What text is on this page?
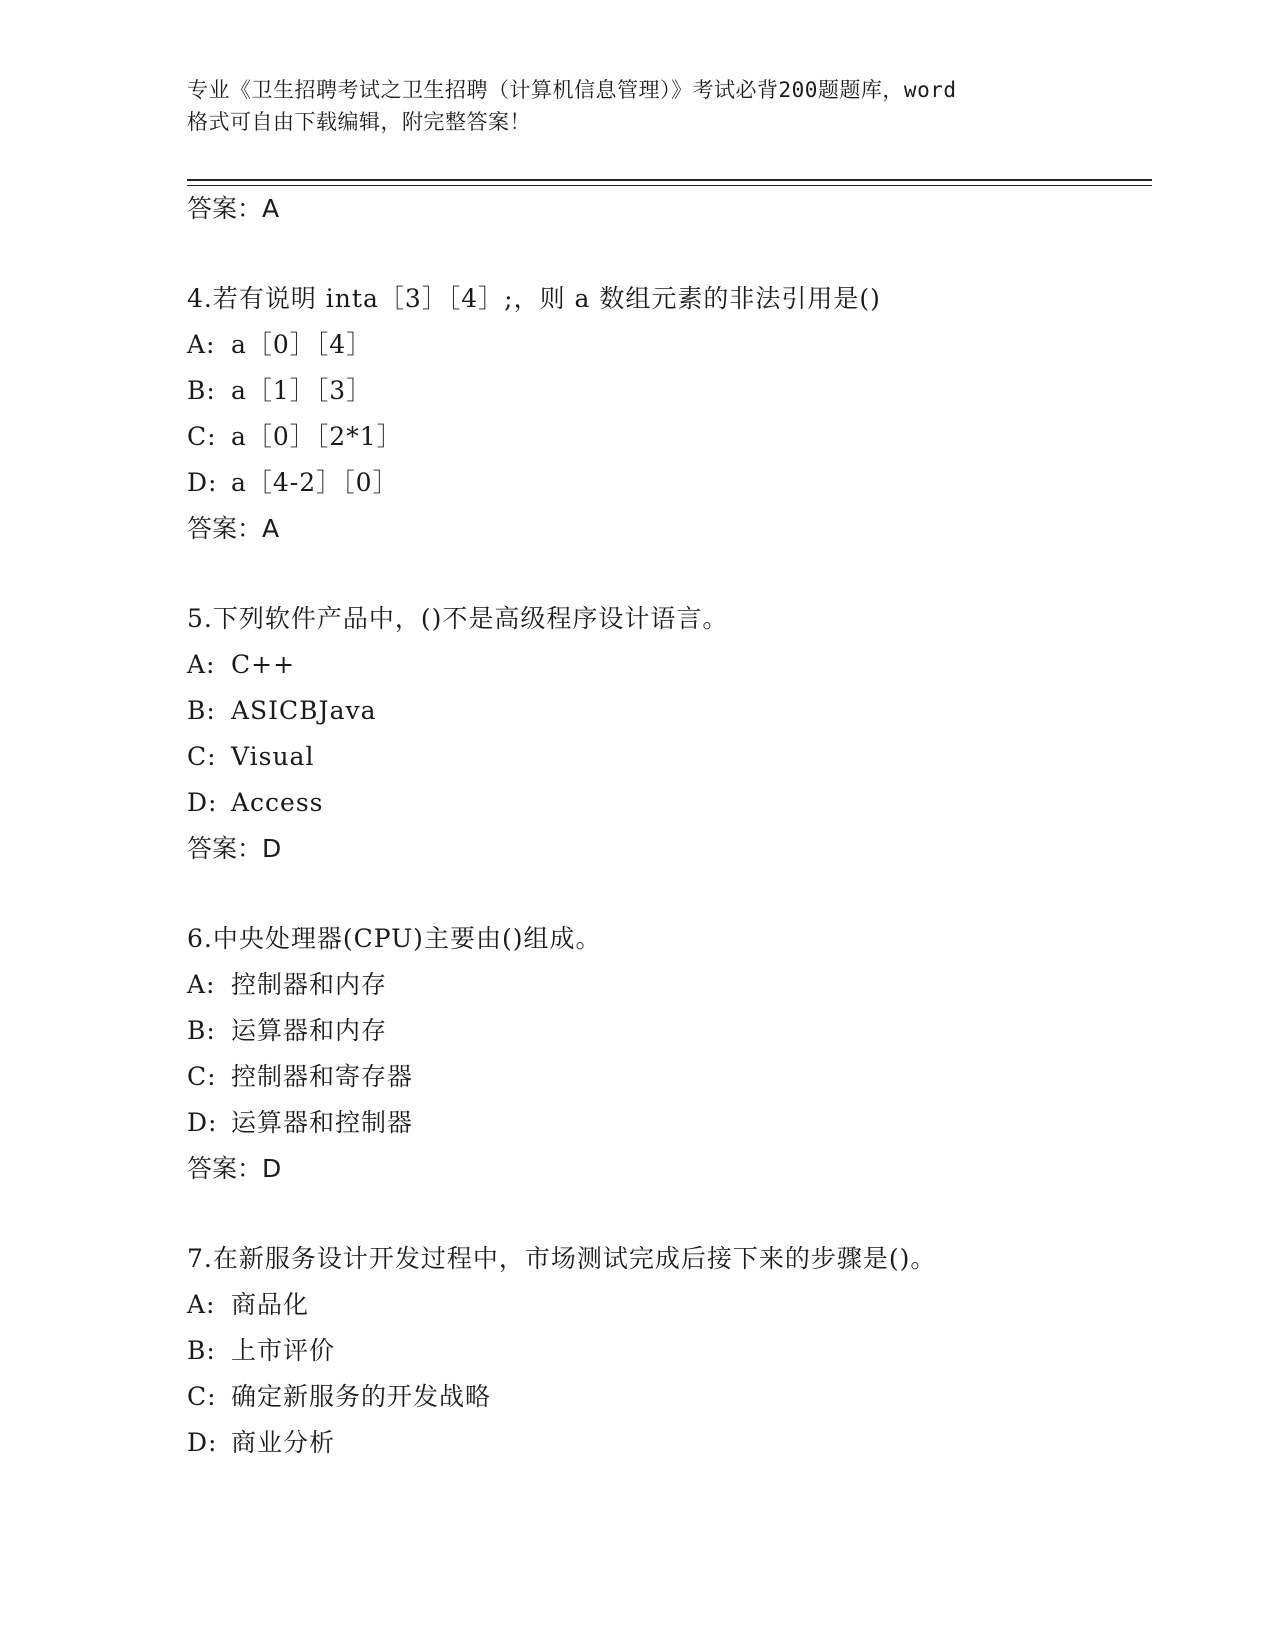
专业《卫生招聘考试之卫生招聘（计算机信息管理）》考试必背200题题库，word
格式可自由下载编辑，附完整答案！
答案：A
4.若有说明 inta［3］［4］;，则 a 数组元素的非法引用是()
A: a［0］［4］
B: a［1］［3］
C: a［0］［2*1］
D: a［4-2］［0］
答案：A
5.下列软件产品中，()不是高级程序设计语言。
A: C++
B: ASICBJava
C: Visual
D: Access
答案：D
6.中央处理器(CPU)主要由()组成。
A: 控制器和内存
B: 运算器和内存
C: 控制器和寄存器
D: 运算器和控制器
答案：D
7.在新服务设计开发过程中，市场测试完成后接下来的步骤是()。
A: 商品化
B: 上市评价
C: 确定新服务的开发战略
D: 商业分析
